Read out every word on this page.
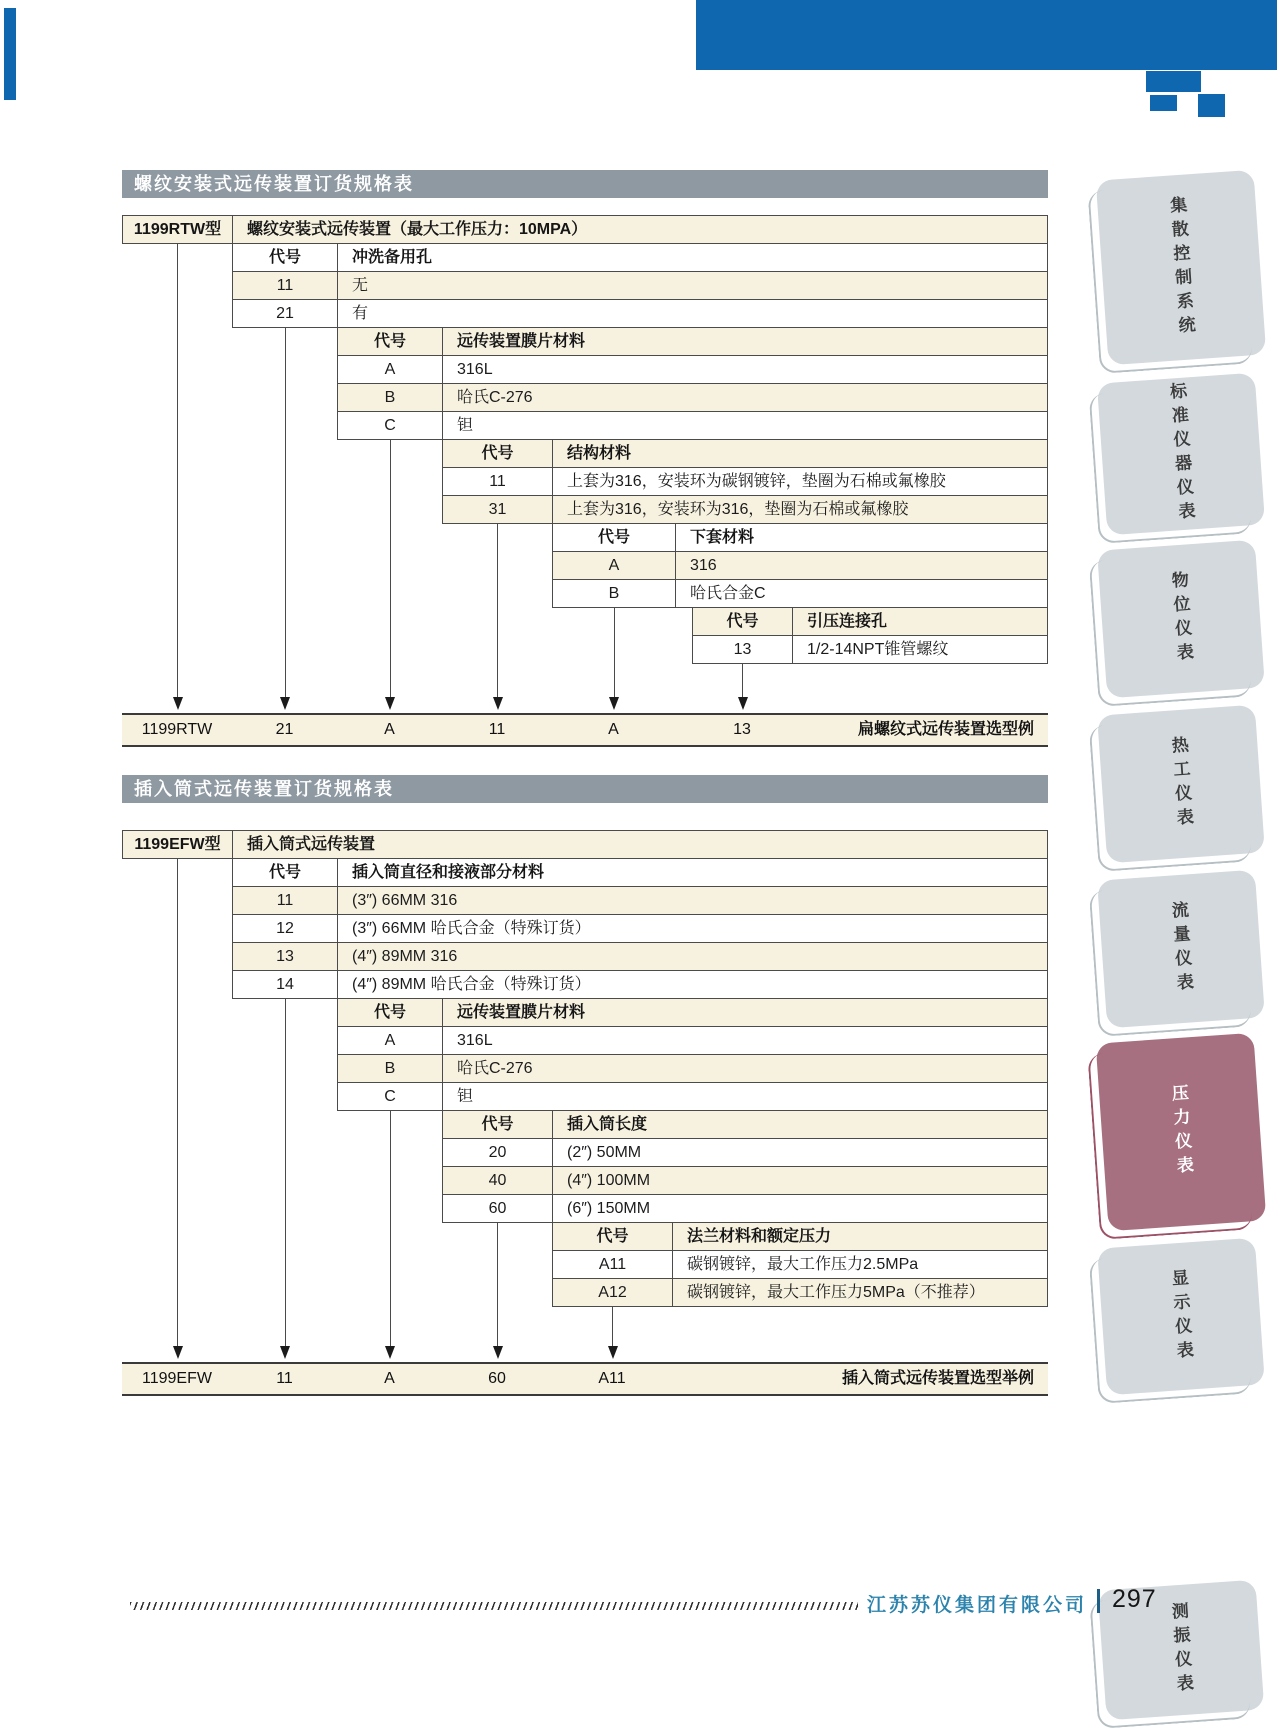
螺纹安装式远传装置订货规格表
1199RTW型	螺纹安装式远传装置（最大工作压力：10MPA）
代号	冲洗备用孔
11	无
21	有
代号	远传装置膜片材料
A	316L
B	哈氏C-276
C	钽
代号	结构材料
11	上套为316，安装环为碳钢镀锌，垫圈为石棉或氟橡胶
31	上套为316，安装环为316，垫圈为石棉或氟橡胶
代号	下套材料
A	316
B	哈氏合金C
代号	引压连接孔
13	1/2-14NPT锥管螺纹
1199RTW	21	A	11	A	13	扁螺纹式远传装置选型例
插入筒式远传装置订货规格表
1199EFW型	插入筒式远传装置
代号	插入筒直径和接液部分材料
11	(3″) 66MM 316
12	(3″) 66MM 哈氏合金（特殊订货）
13	(4″) 89MM 316
14	(4″) 89MM 哈氏合金（特殊订货）
代号	远传装置膜片材料
A	316L
B	哈氏C-276
C	钽
代号	插入筒长度
20	(2″) 50MM
40	(4″) 100MM
60	(6″) 150MM
代号	法兰材料和额定压力
A11	碳钢镀锌，最大工作压力2.5MPa
A12	碳钢镀锌，最大工作压力5MPa（不推荐）
1199EFW	11	A	60	A11	插入筒式远传装置选型举例
集散控制系统
标准仪器仪表
物位仪表
热工仪表
流量仪表
压力仪表
显示仪表
测振仪表
江苏苏仪集团有限公司 297
